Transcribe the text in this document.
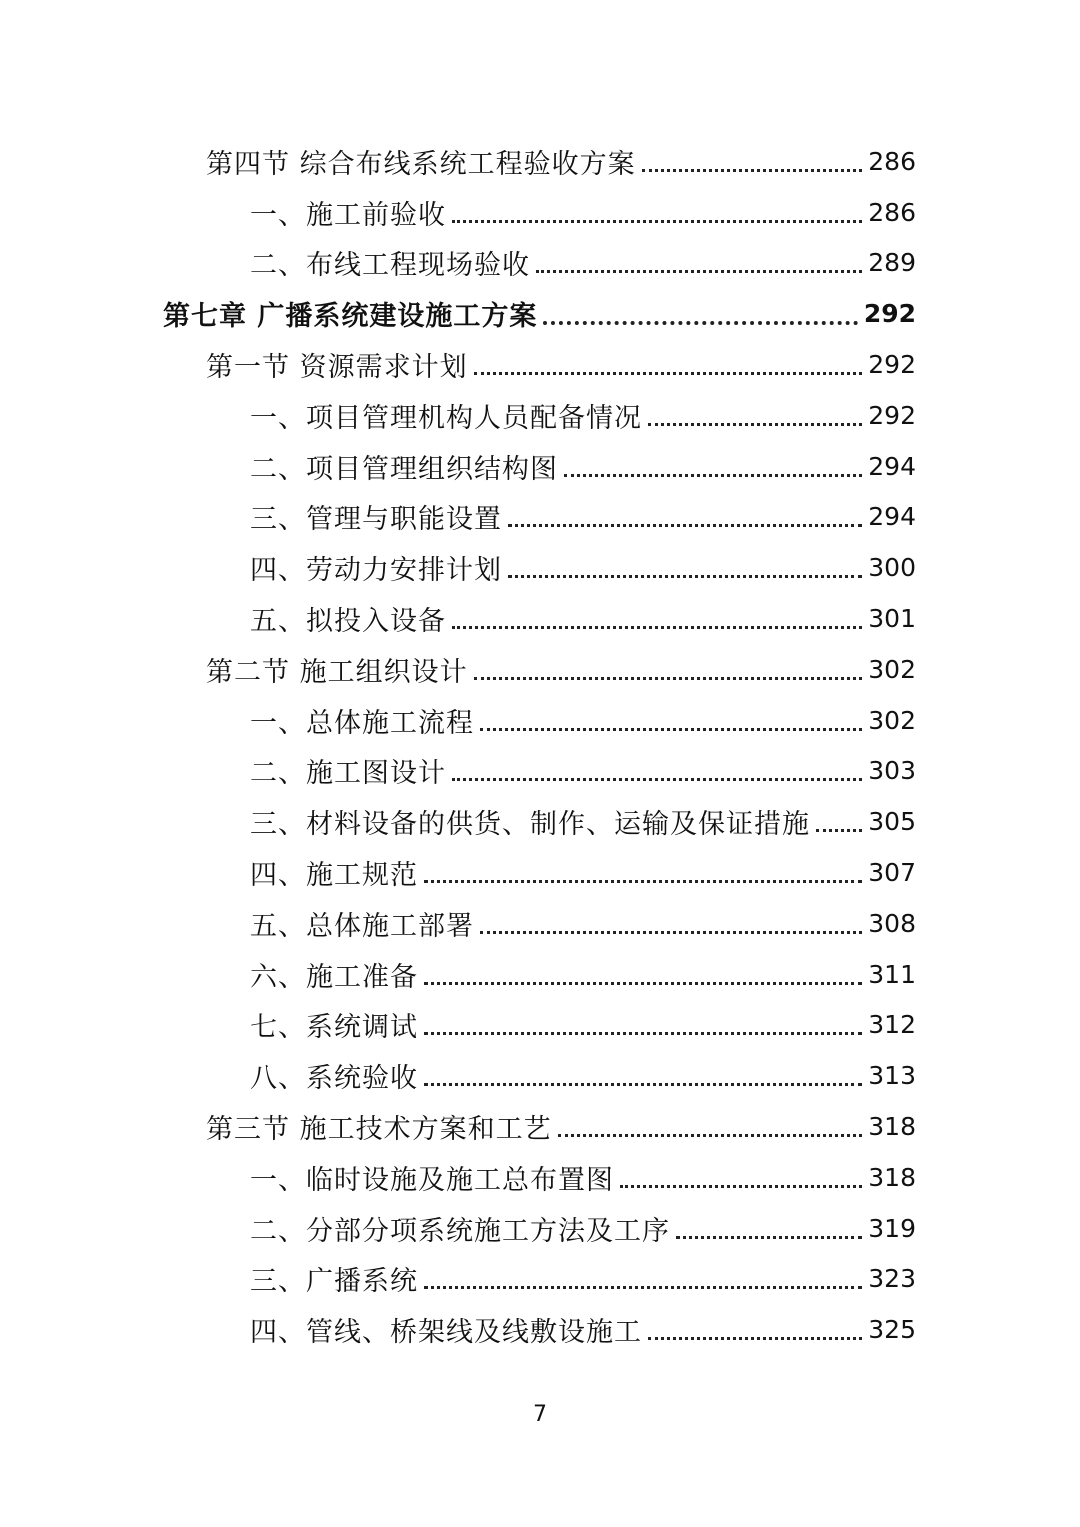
第四节 综合布线系统工程验收方案	286
一、施工前验收	286
二、布线工程现场验收	289
第七章 广播系统建设施工方案	292
第一节 资源需求计划	292
一、项目管理机构人员配备情况	292
二、项目管理组织结构图	294
三、管理与职能设置	294
四、劳动力安排计划	300
五、拟投入设备	301
第二节 施工组织设计	302
一、总体施工流程	302
二、施工图设计	303
三、材料设备的供货、制作、运输及保证措施 305
四、施工规范	307
五、总体施工部署	308
六、施工准备	311
七、系统调试	312
八、系统验收	313
第三节 施工技术方案和工艺	318
一、临时设施及施工总布置图	318
二、分部分项系统施工方法及工序	319
三、广播系统	323
四、管线、桥架线及线敷设施工	325
7
